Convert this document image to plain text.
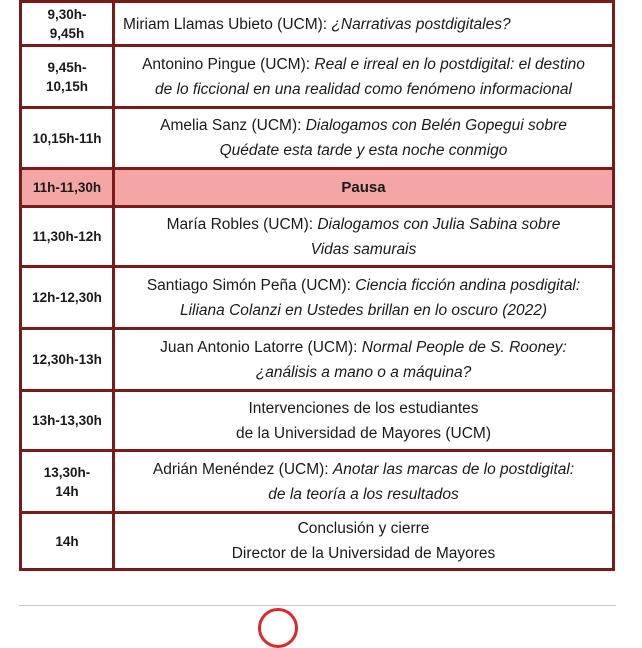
9,30h-
9,45h	Miriam Llamas Ubieto (UCM): ¿Narrativas postdigitales?

9,45h-
10,15h	Antonino Pingue (UCM): Real e irreal en lo postdigital: el destino
de lo ficcional en una realidad como fenómeno informacional

10,15h-11h	Amelia Sanz (UCM): Dialogamos con Belén Gopegui sobre
Quédate esta tarde y esta noche conmigo

11h-11,30h	Pausa

11,30h-12h	María Robles (UCM): Dialogamos con Julia Sabina sobre
Vidas samurais

12h-12,30h	Santiago Simón Peña (UCM): Ciencia ficción andina posdigital:
Liliana Colanzi en Ustedes brillan en lo oscuro (2022)

12,30h-13h	Juan Antonio Latorre (UCM): Normal People de S. Rooney:
¿análisis a mano o a máquina?

13h-13,30h	Intervenciones de los estudiantes
de la Universidad de Mayores (UCM)

13,30h-
14h	Adrián Menéndez (UCM): Anotar las marcas de lo postdigital:
de la teoría a los resultados

14h	Conclusión y cierre
Director de la Universidad de Mayores
